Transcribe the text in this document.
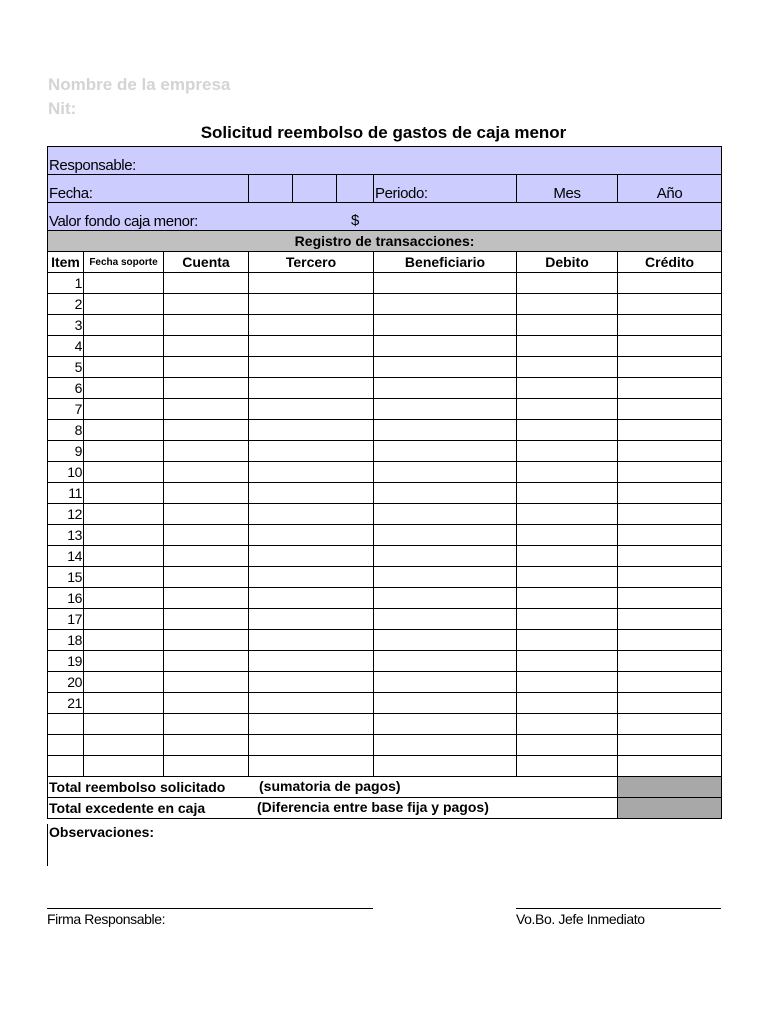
Nombre de la empresa
Nit:
Solicitud reembolso de gastos de caja menor
Responsable:								
Fecha:						Periodo:	Mes	Año
Valor fondo caja menor: $								

Registro de transacciones:								
Item	Fecha soporte	Cuenta	Tercero			Beneficiario	Debito	Crédito
1								
2								
3								
4								
5								
6								
7								
8								
9								
10								
11								
12								
13								
14								
15								
16								
17								
18								
19								
20								
21								

Total reembolso solicitado (sumatoria de pagos)								

Total excedente en caja (Diferencia entre base fija y pagos)								

Observaciones:
Firma Responsable:	Vo.Bo. Jefe Inmediato
